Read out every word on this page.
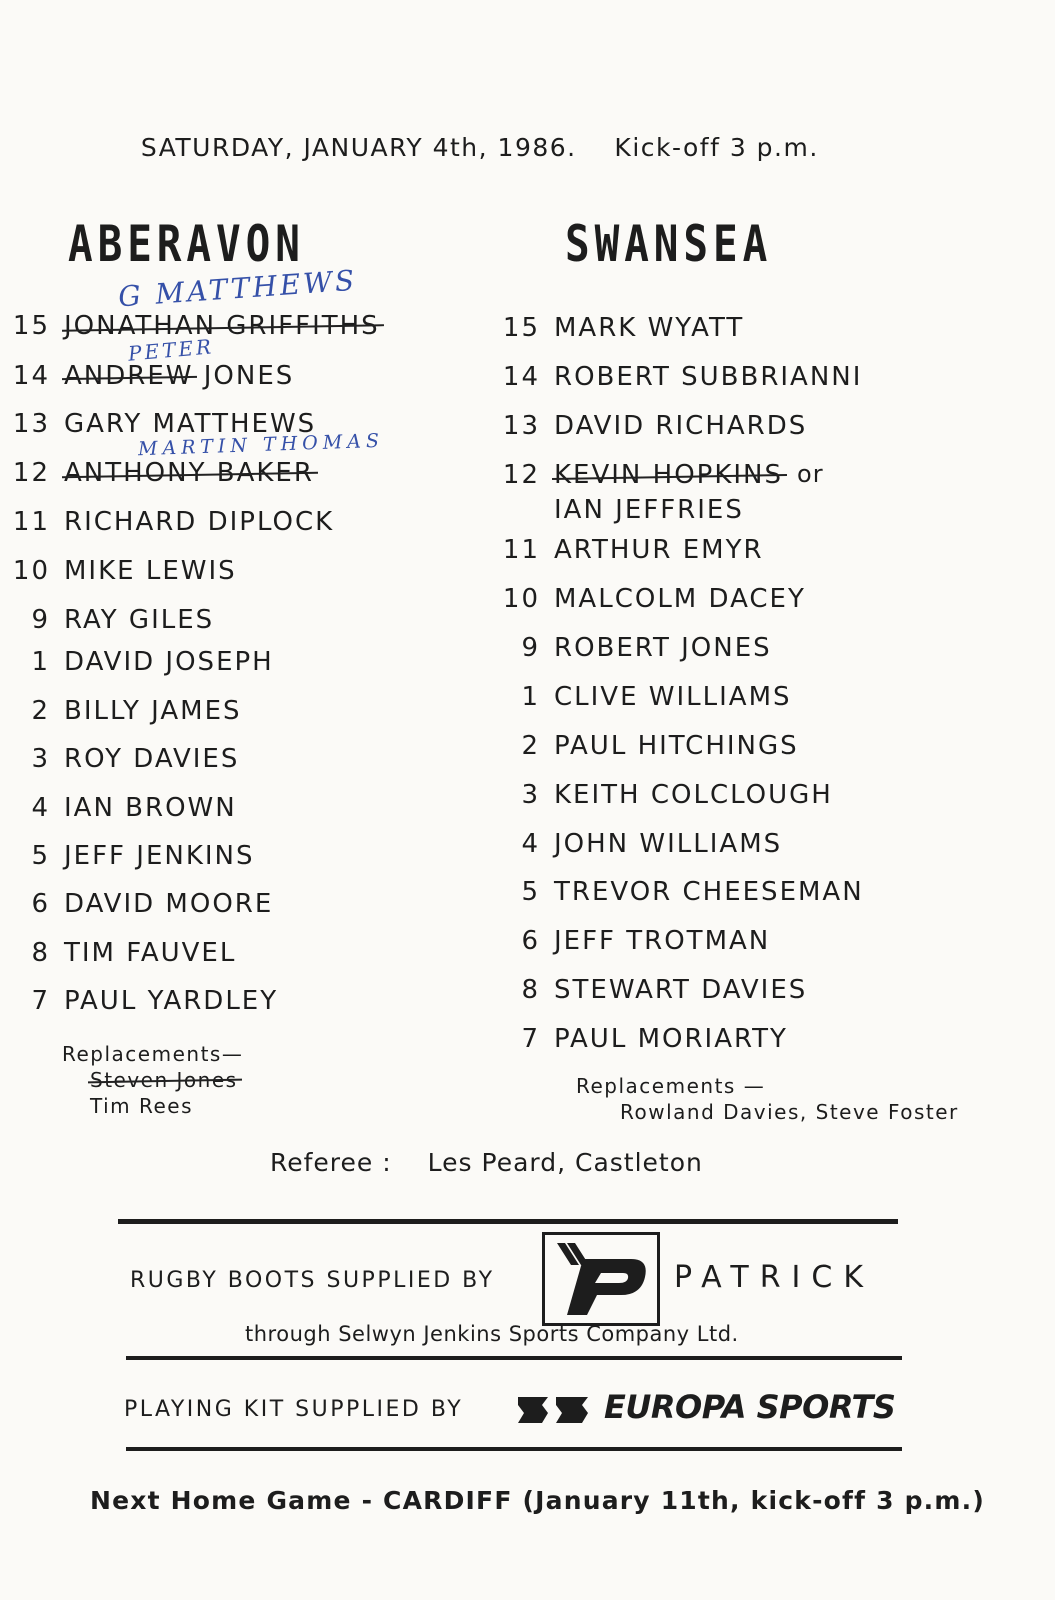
SATURDAY, JANUARY 4th, 1986. Kick-off 3 p.m.

ABERAVON	SWANSEA
G MATTHEWS
PETER
MARTIN THOMAS
15 JONATHAN GRIFFITHS
14 ANDREW JONES
13 GARY MATTHEWS
12 ANTHONY BAKER
11 RICHARD DIPLOCK
10 MIKE LEWIS
9 RAY GILES
1 DAVID JOSEPH
2 BILLY JAMES
3 ROY DAVIES
4 IAN BROWN
5 JEFF JENKINS
6 DAVID MOORE
8 TIM FAUVEL
7 PAUL YARDLEY
Replacements—
Steven Jones
Tim Rees
15 MARK WYATT
14 ROBERT SUBBRIANNI
13 DAVID RICHARDS
12 KEVIN HOPKINS or
IAN JEFFRIES
11 ARTHUR EMYR
10 MALCOLM DACEY
9 ROBERT JONES
1 CLIVE WILLIAMS
2 PAUL HITCHINGS
3 KEITH COLCLOUGH
4 JOHN WILLIAMS
5 TREVOR CHEESEMAN
6 JEFF TROTMAN
8 STEWART DAVIES
7 PAUL MORIARTY
Replacements —
Rowland Davies, Steve Foster
Referee : Les Peard, Castleton
RUGBY BOOTS SUPPLIED BY	PATRICK
through Selwyn Jenkins Sports Company Ltd.
PLAYING KIT SUPPLIED BY	EUROPA SPORTS
Next Home Game - CARDIFF (January 11th, kick-off 3 p.m.)
